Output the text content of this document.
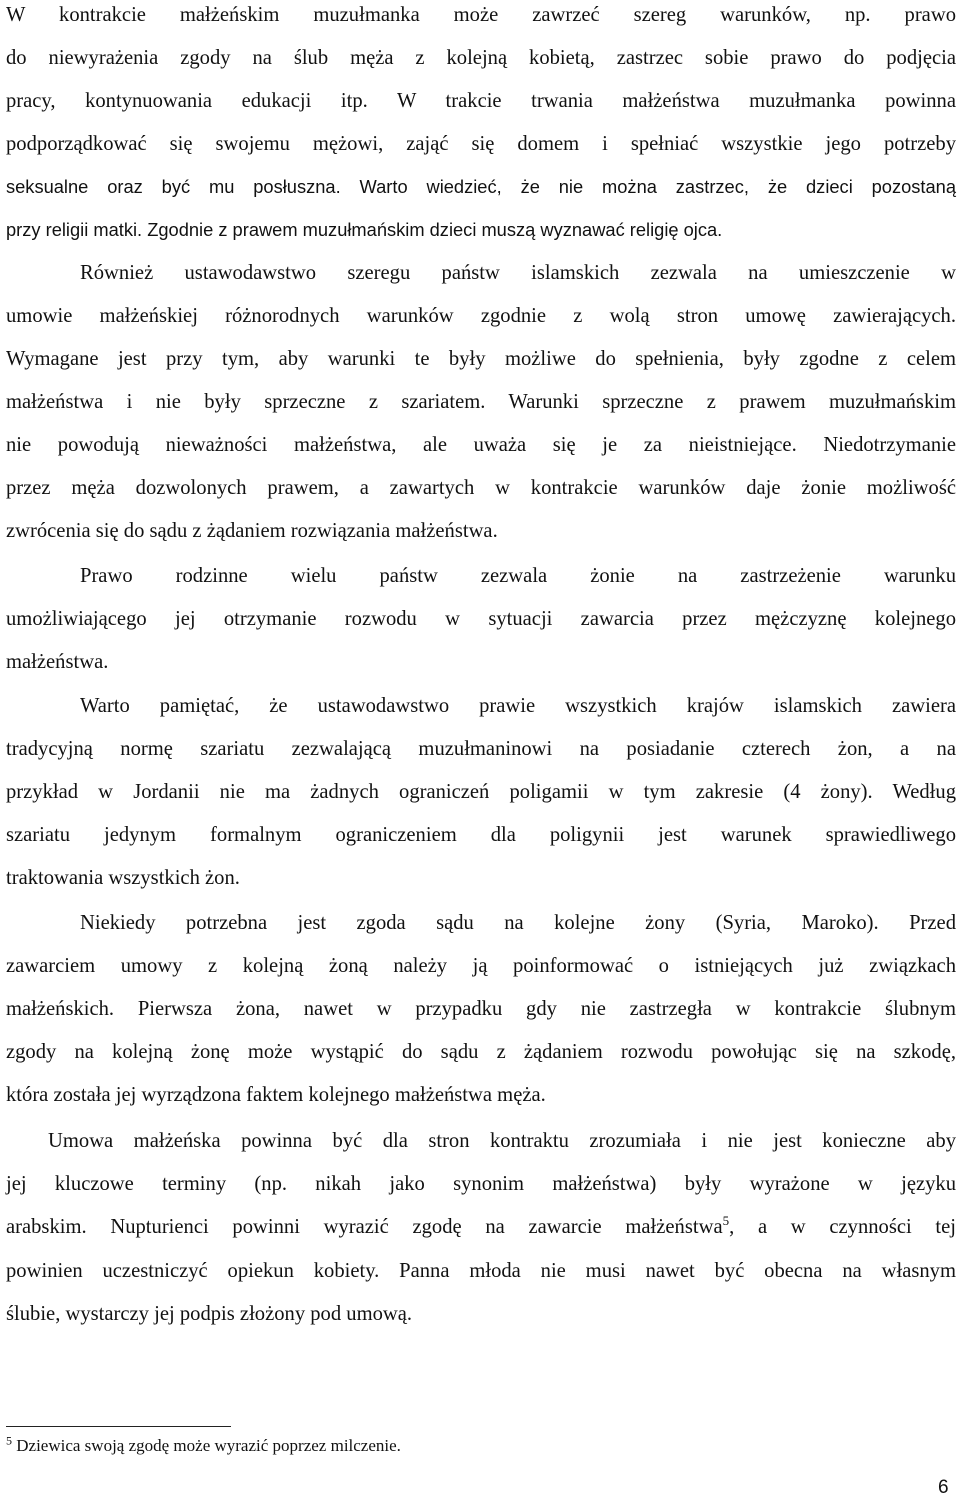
W kontrakcie małżeńskim muzułmanka może zawrzeć szereg warunków, np. prawo
do niewyrażenia zgody na ślub męża z kolejną kobietą, zastrzec sobie prawo do podjęcia
pracy, kontynuowania edukacji itp. W trakcie trwania małżeństwa muzułmanka powinna
podporządkować się swojemu mężowi, zająć się domem i spełniać wszystkie jego potrzeby
seksualne oraz być mu posłuszna. Warto wiedzieć, że nie można zastrzec, że dzieci pozostaną
przy religii matki. Zgodnie z prawem muzułmańskim dzieci muszą wyznawać religię ojca.
Również ustawodawstwo szeregu państw islamskich zezwala na umieszczenie w
umowie małżeńskiej różnorodnych warunków zgodnie z wolą stron umowę zawierających.
Wymagane jest przy tym, aby warunki te były możliwe do spełnienia, były zgodne z celem
małżeństwa i nie były sprzeczne z szariatem. Warunki sprzeczne z prawem muzułmańskim
nie powodują nieważności małżeństwa, ale uważa się je za nieistniejące. Niedotrzymanie
przez męża dozwolonych prawem, a zawartych w kontrakcie warunków daje żonie możliwość
zwrócenia się do sądu z żądaniem rozwiązania małżeństwa.
Prawo rodzinne wielu państw zezwala żonie na zastrzeżenie warunku
umożliwiającego jej otrzymanie rozwodu w sytuacji zawarcia przez mężczyznę kolejnego
małżeństwa.
Warto pamiętać, że ustawodawstwo prawie wszystkich krajów islamskich zawiera
tradycyjną normę szariatu zezwalającą muzułmaninowi na posiadanie czterech żon, a na
przykład w Jordanii nie ma żadnych ograniczeń poligamii w tym zakresie (4 żony). Według
szariatu jedynym formalnym ograniczeniem dla poligynii jest warunek sprawiedliwego
traktowania wszystkich żon.
Niekiedy potrzebna jest zgoda sądu na kolejne żony (Syria, Maroko). Przed
zawarciem umowy z kolejną żoną należy ją poinformować o istniejących już związkach
małżeńskich. Pierwsza żona, nawet w przypadku gdy nie zastrzegła w kontrakcie ślubnym
zgody na kolejną żonę może wystąpić do sądu z żądaniem rozwodu powołując się na szkodę,
która została jej wyrządzona faktem kolejnego małżeństwa męża.
Umowa małżeńska powinna być dla stron kontraktu zrozumiała i nie jest konieczne aby
jej kluczowe terminy (np. nikah jako synonim małżeństwa) były wyrażone w języku
arabskim. Nupturienci powinni wyrazić zgodę na zawarcie małżeństwa$^5$, a w czynności tej
powinien uczestniczyć opiekun kobiety. Panna młoda nie musi nawet być obecna na własnym
ślubie, wystarczy jej podpis złożony pod umową.
$^5$ Dziewica swoją zgodę może wyrazić poprzez milczenie.
6
